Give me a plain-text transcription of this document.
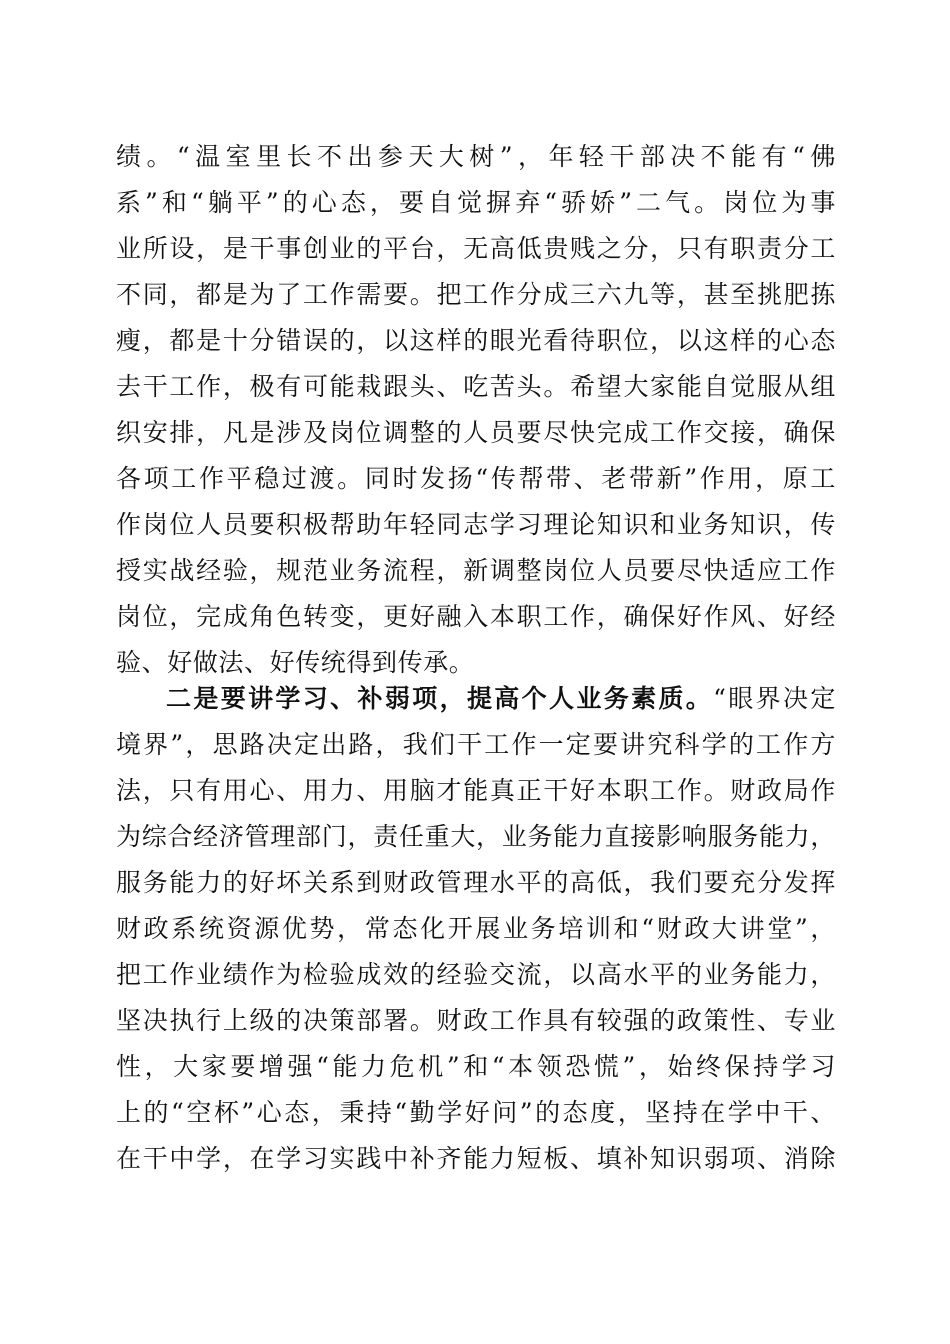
绩。“温室里长不出参天大树”，年轻干部决不能有“佛
系”和“躺平”的心态，要自觉摒弃“骄娇”二气。岗位为事
业所设，是干事创业的平台，无高低贵贱之分，只有职责分工
不同，都是为了工作需要。把工作分成三六九等，甚至挑肥拣
瘦，都是十分错误的，以这样的眼光看待职位，以这样的心态
去干工作，极有可能栽跟头、吃苦头。希望大家能自觉服从组
织安排，凡是涉及岗位调整的人员要尽快完成工作交接，确保
各项工作平稳过渡。同时发扬“传帮带、老带新”作用，原工
作岗位人员要积极帮助年轻同志学习理论知识和业务知识，传
授实战经验，规范业务流程，新调整岗位人员要尽快适应工作
岗位，完成角色转变，更好融入本职工作，确保好作风、好经
验、好做法、好传统得到传承。
二是要讲学习、补弱项，提高个人业务素质。“眼界决定
境界”，思路决定出路，我们干工作一定要讲究科学的工作方
法，只有用心、用力、用脑才能真正干好本职工作。财政局作
为综合经济管理部门，责任重大，业务能力直接影响服务能力，
服务能力的好坏关系到财政管理水平的高低，我们要充分发挥
财政系统资源优势，常态化开展业务培训和“财政大讲堂”，
把工作业绩作为检验成效的经验交流，以高水平的业务能力，
坚决执行上级的决策部署。财政工作具有较强的政策性、专业
性，大家要增强“能力危机”和“本领恐慌”，始终保持学习
上的“空杯”心态，秉持“勤学好问”的态度，坚持在学中干、
在干中学，在学习实践中补齐能力短板、填补知识弱项、消除
